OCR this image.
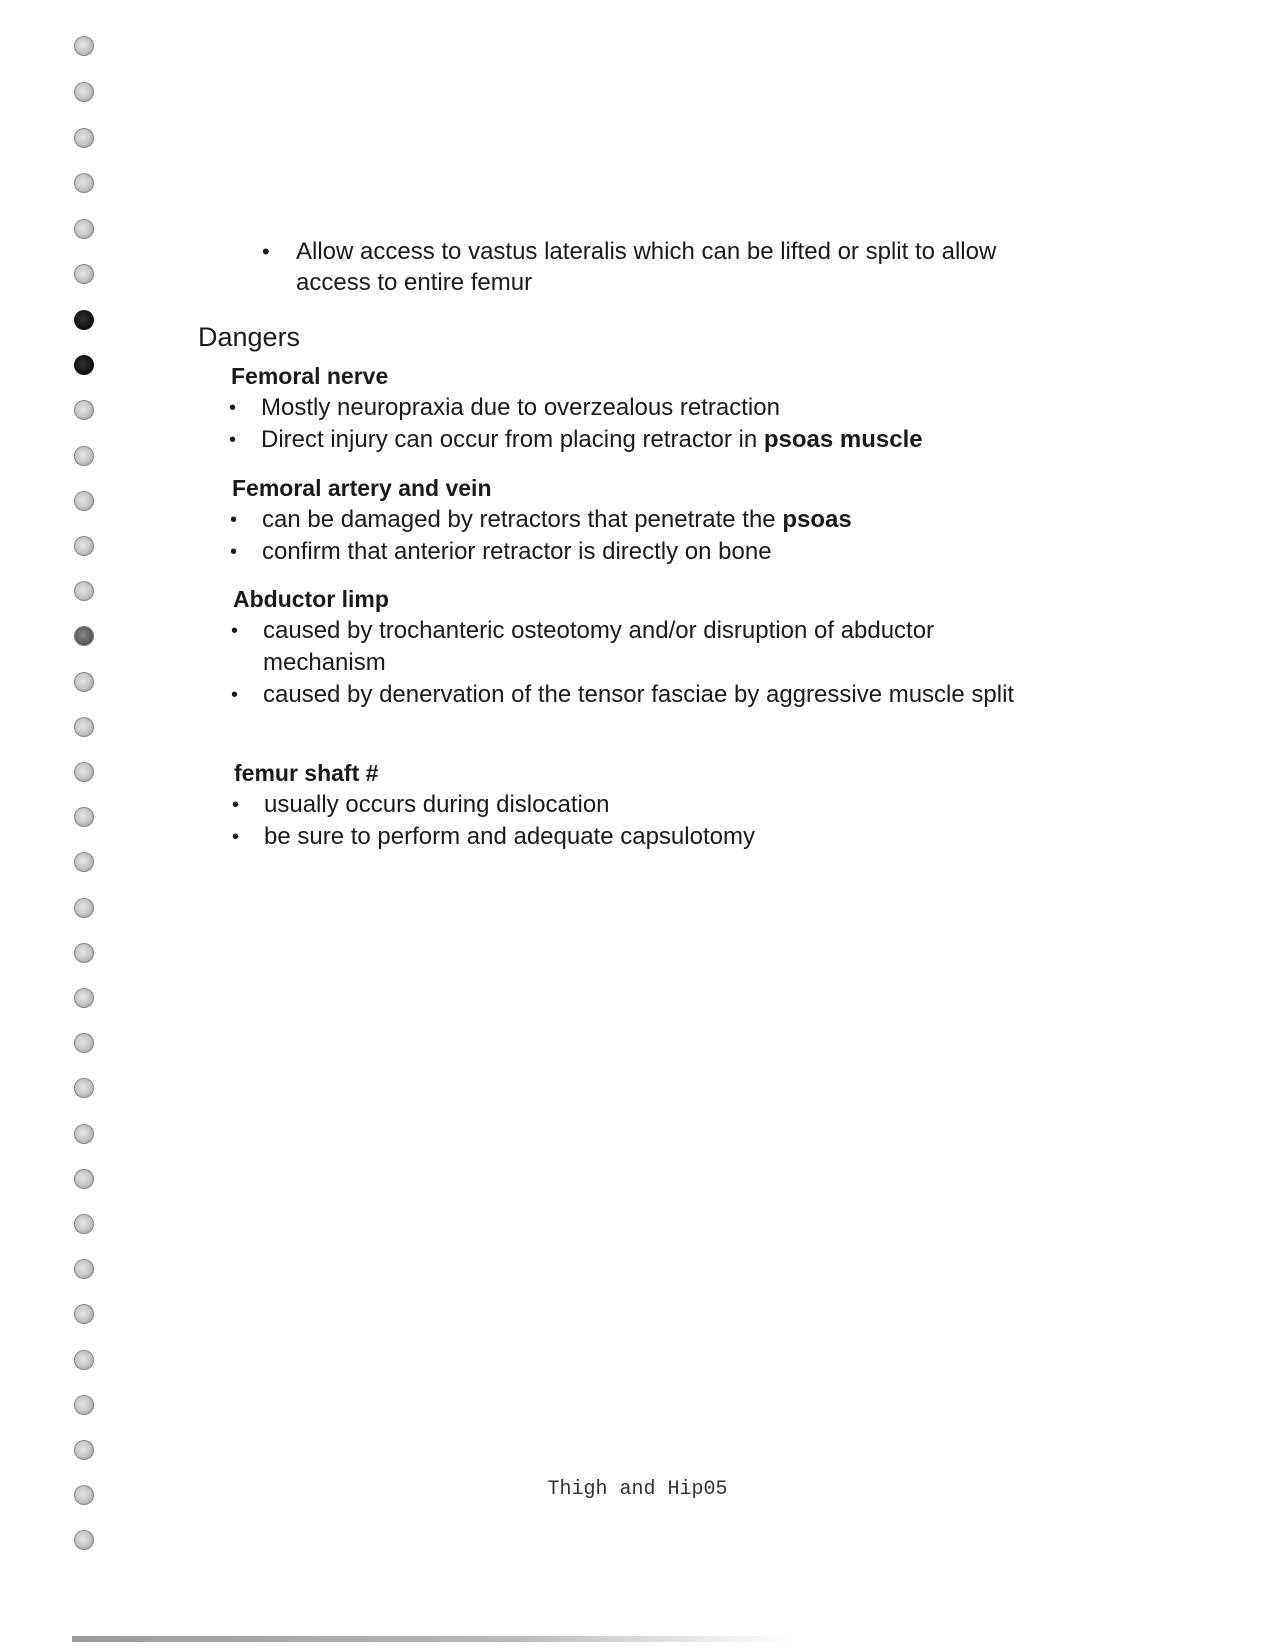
• Allow access to vastus lateralis which can be lifted or split to allow access to entire femur
Dangers
Femoral nerve
• Mostly neuropraxia due to overzealous retraction
• Direct injury can occur from placing retractor in psoas muscle
Femoral artery and vein
• can be damaged by retractors that penetrate the psoas
• confirm that anterior retractor is directly on bone
Abductor limp
• caused by trochanteric osteotomy and/or disruption of abductor mechanism
• caused by denervation of the tensor fasciae by aggressive muscle split
femur shaft #
• usually occurs during dislocation
• be sure to perform and adequate capsulotomy
Thigh and Hip05
